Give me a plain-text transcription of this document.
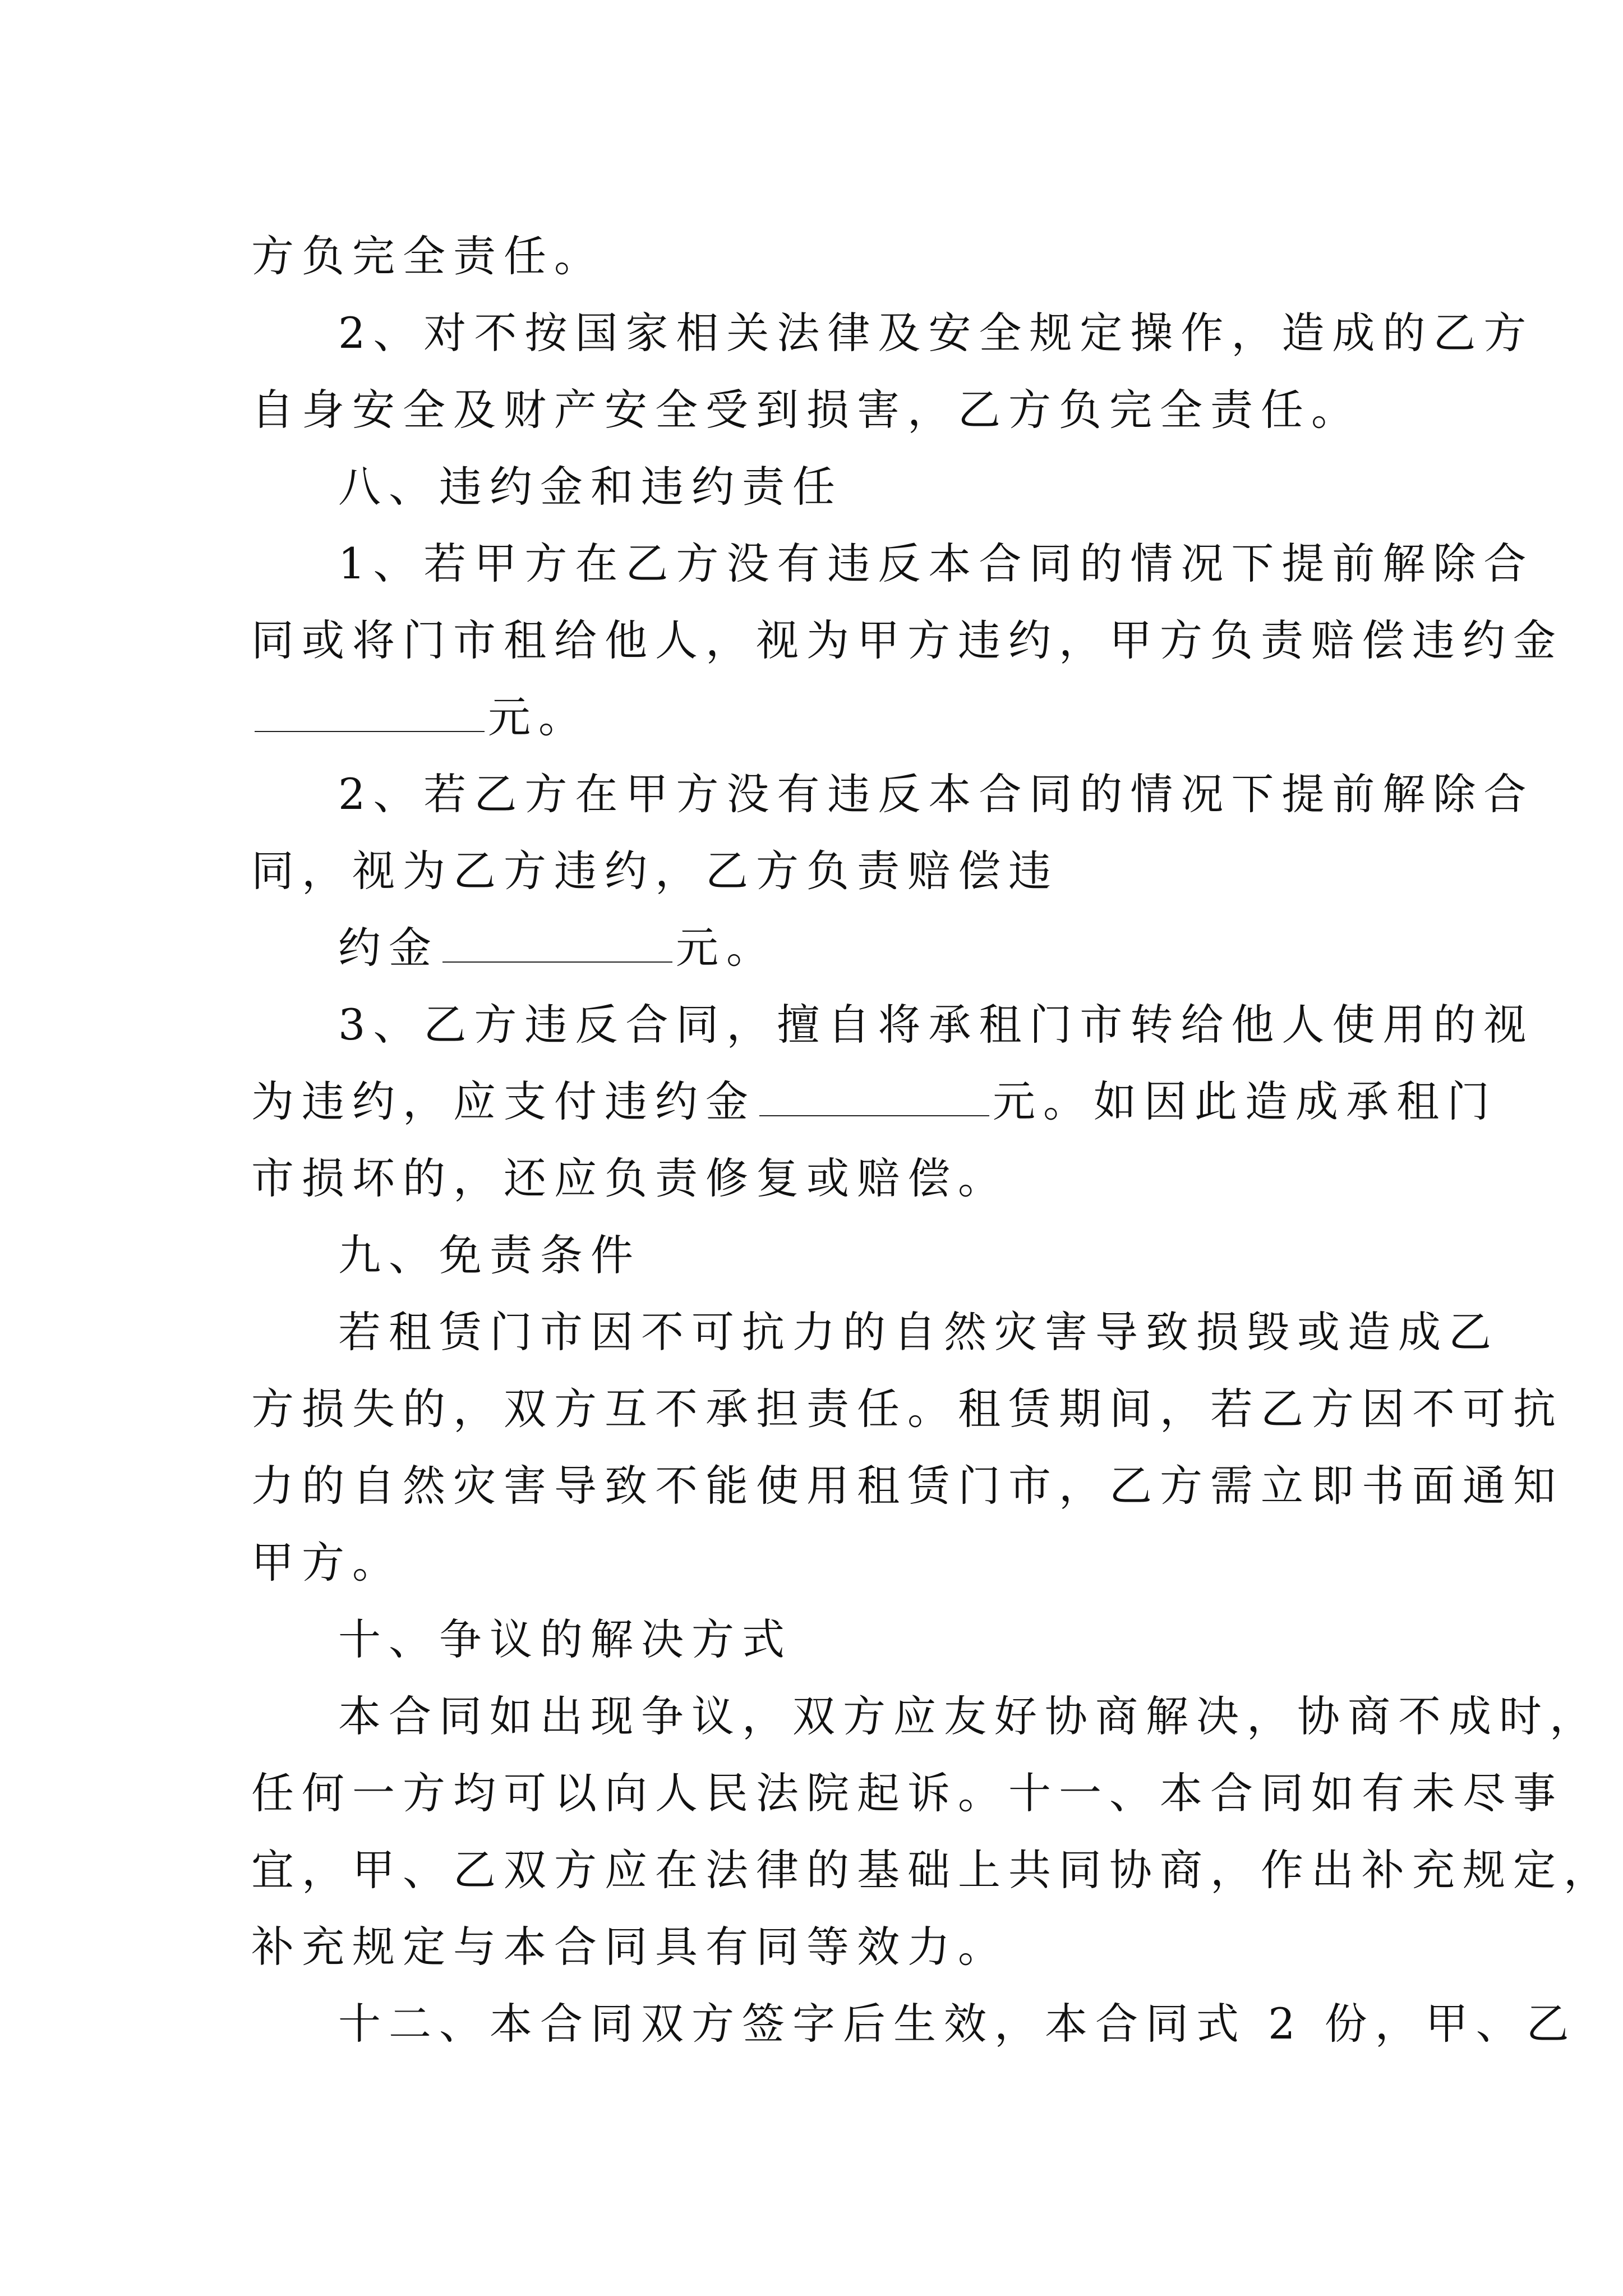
方负完全责任。
2、对不按国家相关法律及安全规定操作，造成的乙方
自身安全及财产安全受到损害，乙方负完全责任。
八、违约金和违约责任
1、若甲方在乙方没有违反本合同的情况下提前解除合
同或将门市租给他人，视为甲方违约，甲方负责赔偿违约金
元。
2、若乙方在甲方没有违反本合同的情况下提前解除合
同，视为乙方违约，乙方负责赔偿违
约金	元。
3、乙方违反合同，擅自将承租门市转给他人使用的视
为违约，应支付违约金	元。如因此造成承租门
市损坏的，还应负责修复或赔偿。
九、免责条件
若租赁门市因不可抗力的自然灾害导致损毁或造成乙
方损失的，双方互不承担责任。租赁期间，若乙方因不可抗
力的自然灾害导致不能使用租赁门市，乙方需立即书面通知
甲方。
十、争议的解决方式
本合同如出现争议，双方应友好协商解决，协商不成时，
任何一方均可以向人民法院起诉。十一、本合同如有未尽事
宜，甲、乙双方应在法律的基础上共同协商，作出补充规定，
补充规定与本合同具有同等效力。
十二、本合同双方签字后生效，本合同式 2 份，甲、乙
